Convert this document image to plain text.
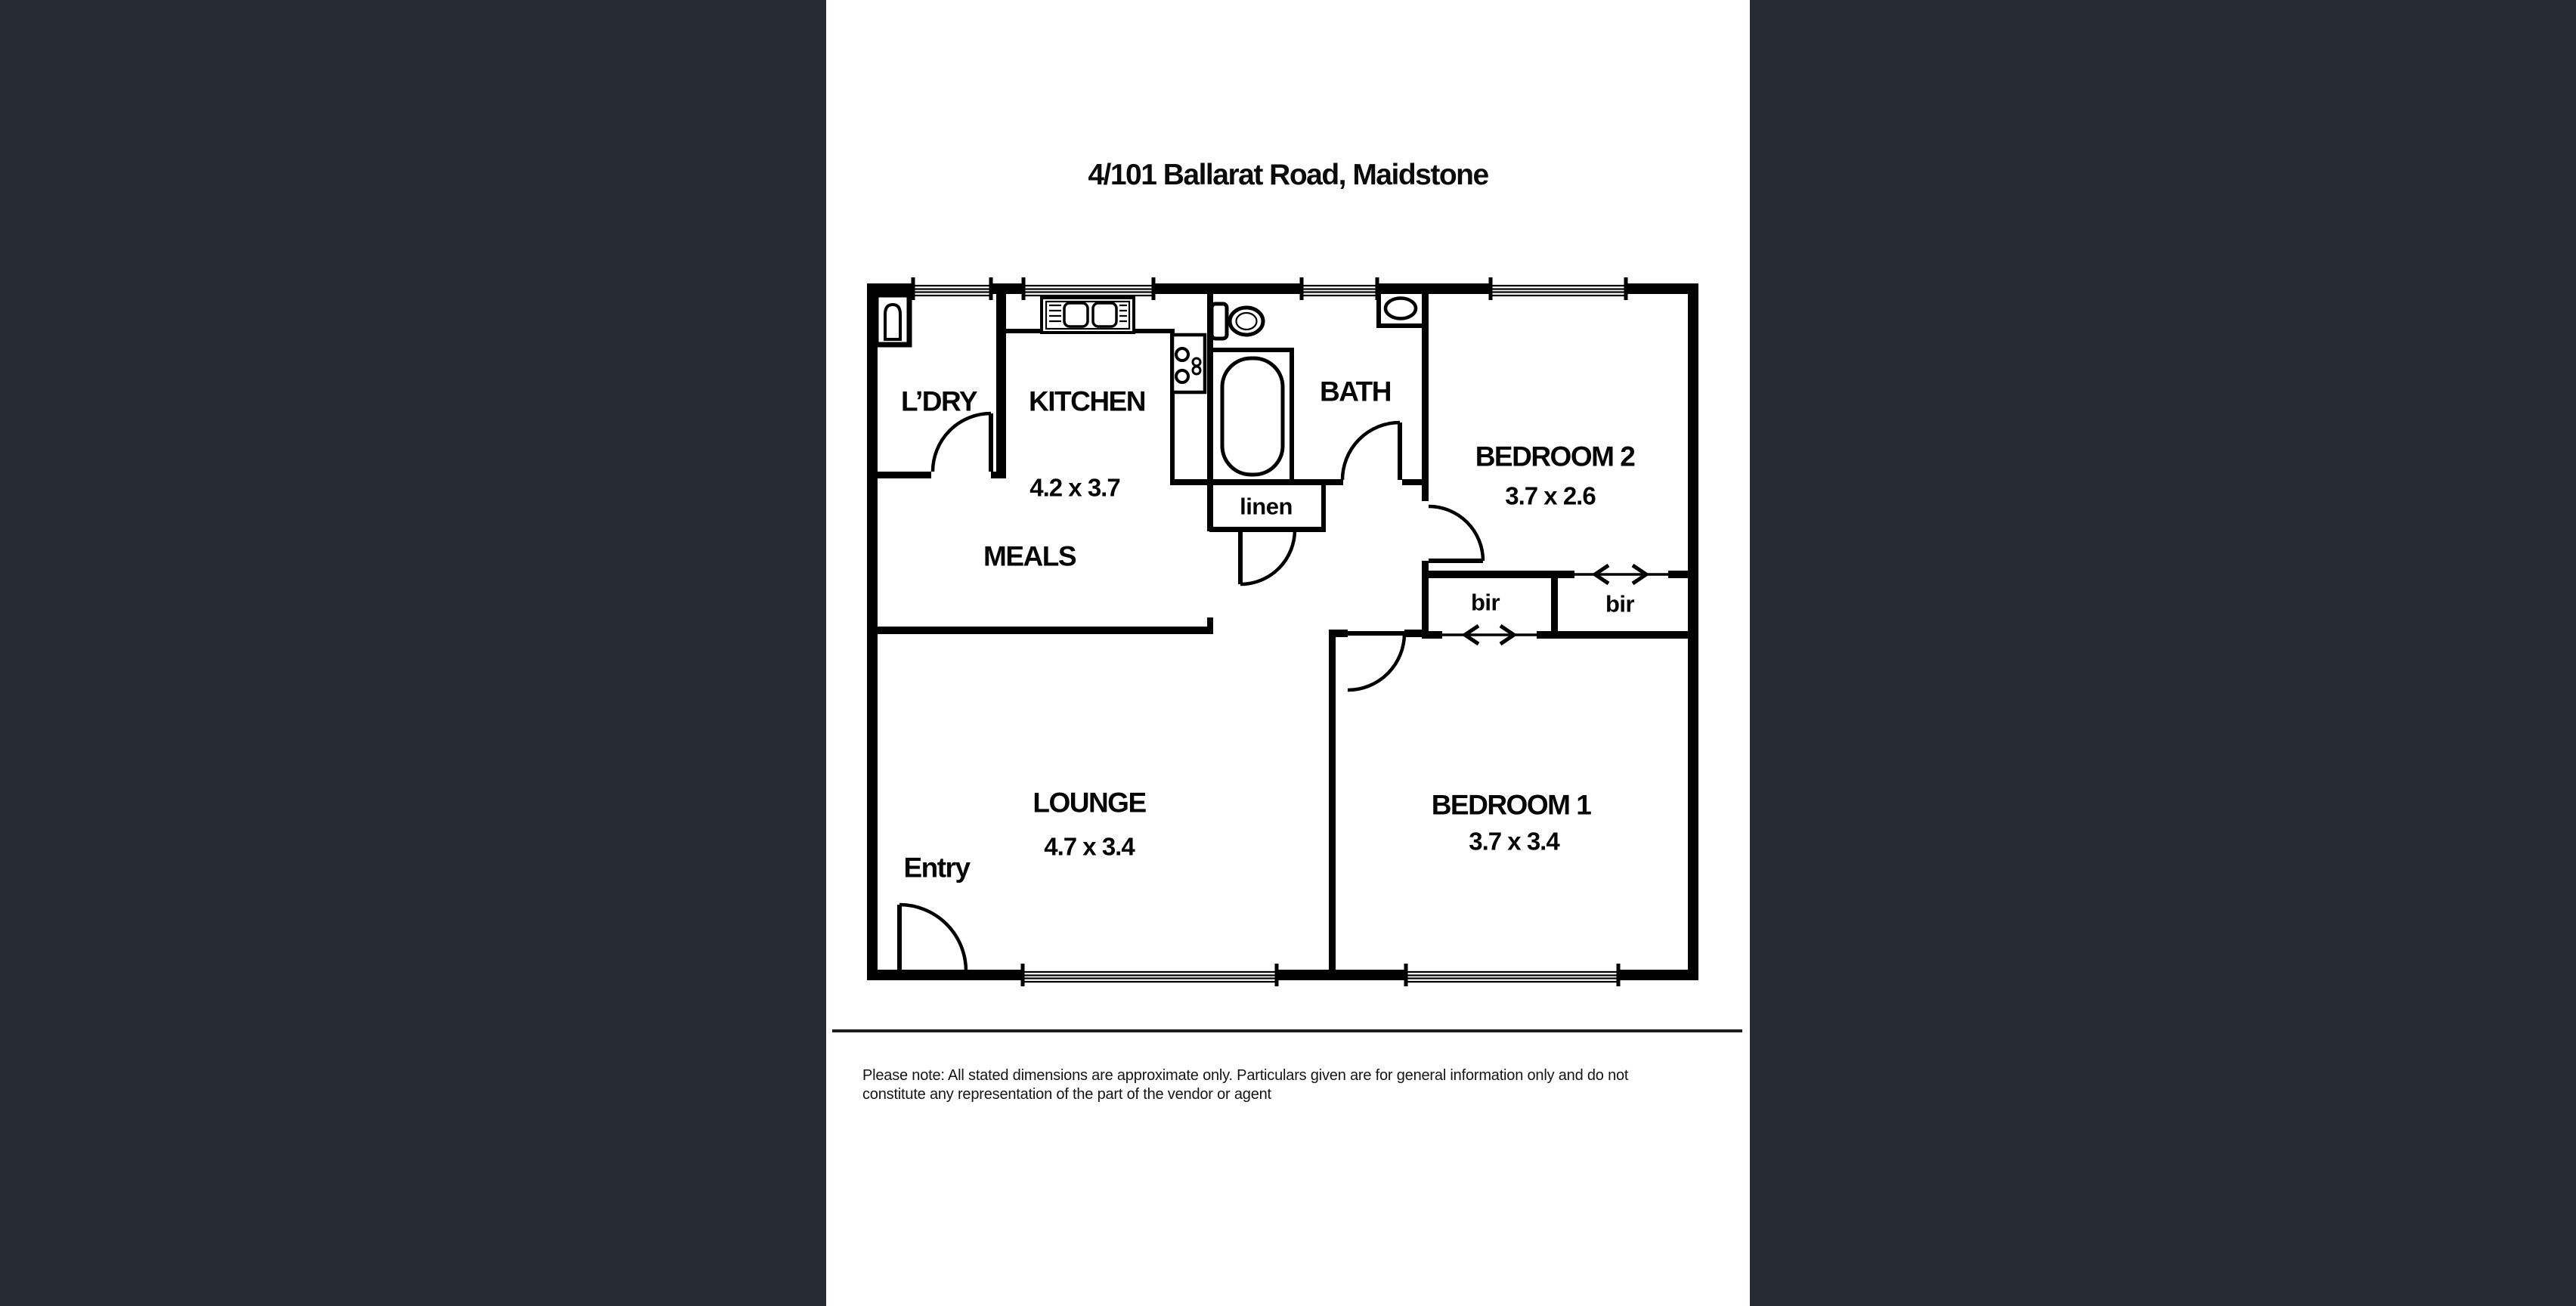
4/101 Ballarat Road, Maidstone
L’DRY KITCHEN
4.2 x 3.7
MEALS
BATH
linen
BEDROOM 2
3.7 x 2.6
bir	bir
LOUNGE
4.7 x 3.4
Entry
BEDROOM 1
3.7 x 3.4
Please note: All stated dimensions are approximate only. Particulars given are for general information only and do not
constitute any representation of the part of the vendor or agent
